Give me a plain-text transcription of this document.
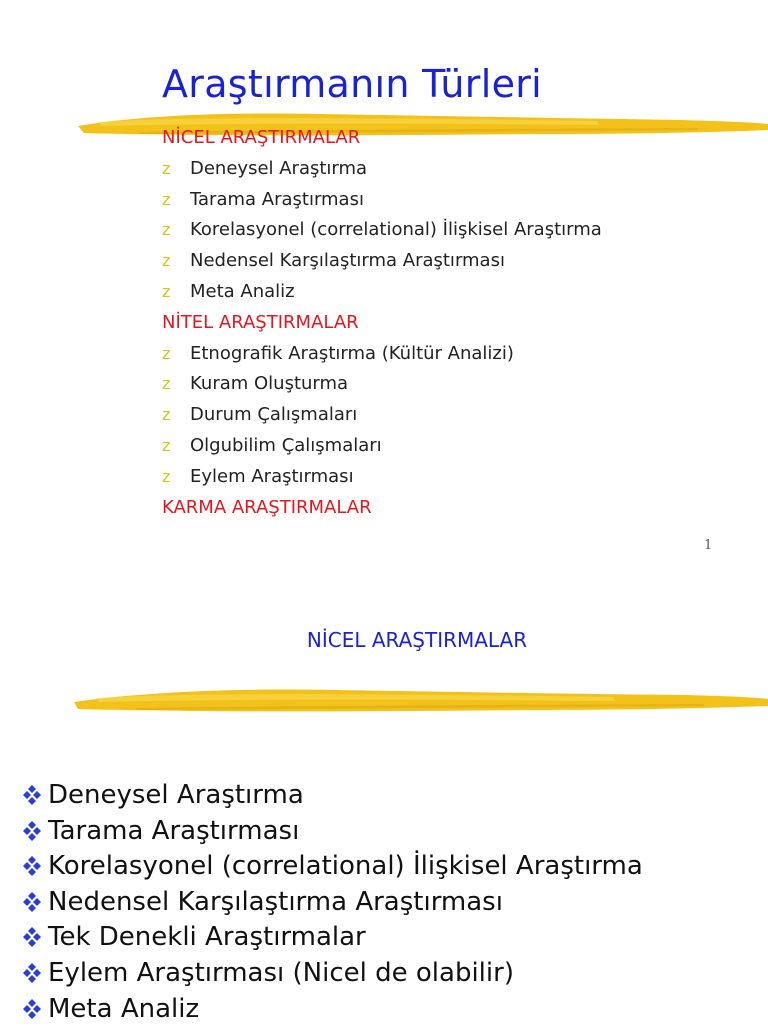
Araştırmanın Türleri
NİCEL ARAŞTIRMALAR
z Deneysel Araştırma
z Tarama Araştırması
z Korelasyonel (correlational) İlişkisel Araştırma
z Nedensel Karşılaştırma Araştırması
z Meta Analiz
NİTEL ARAŞTIRMALAR
z Etnografik Araştırma (Kültür Analizi)
z Kuram Oluşturma
z Durum Çalışmaları
z Olgubilim Çalışmaları
z Eylem Araştırması
KARMA ARAŞTIRMALAR
1
NİCEL ARAŞTIRMALAR
Deneysel Araştırma
Tarama Araştırması
Korelasyonel (correlational) İlişkisel Araştırma
Nedensel Karşılaştırma Araştırması
Tek Denekli Araştırmalar
Eylem Araştırması (Nicel de olabilir)
Meta Analiz
